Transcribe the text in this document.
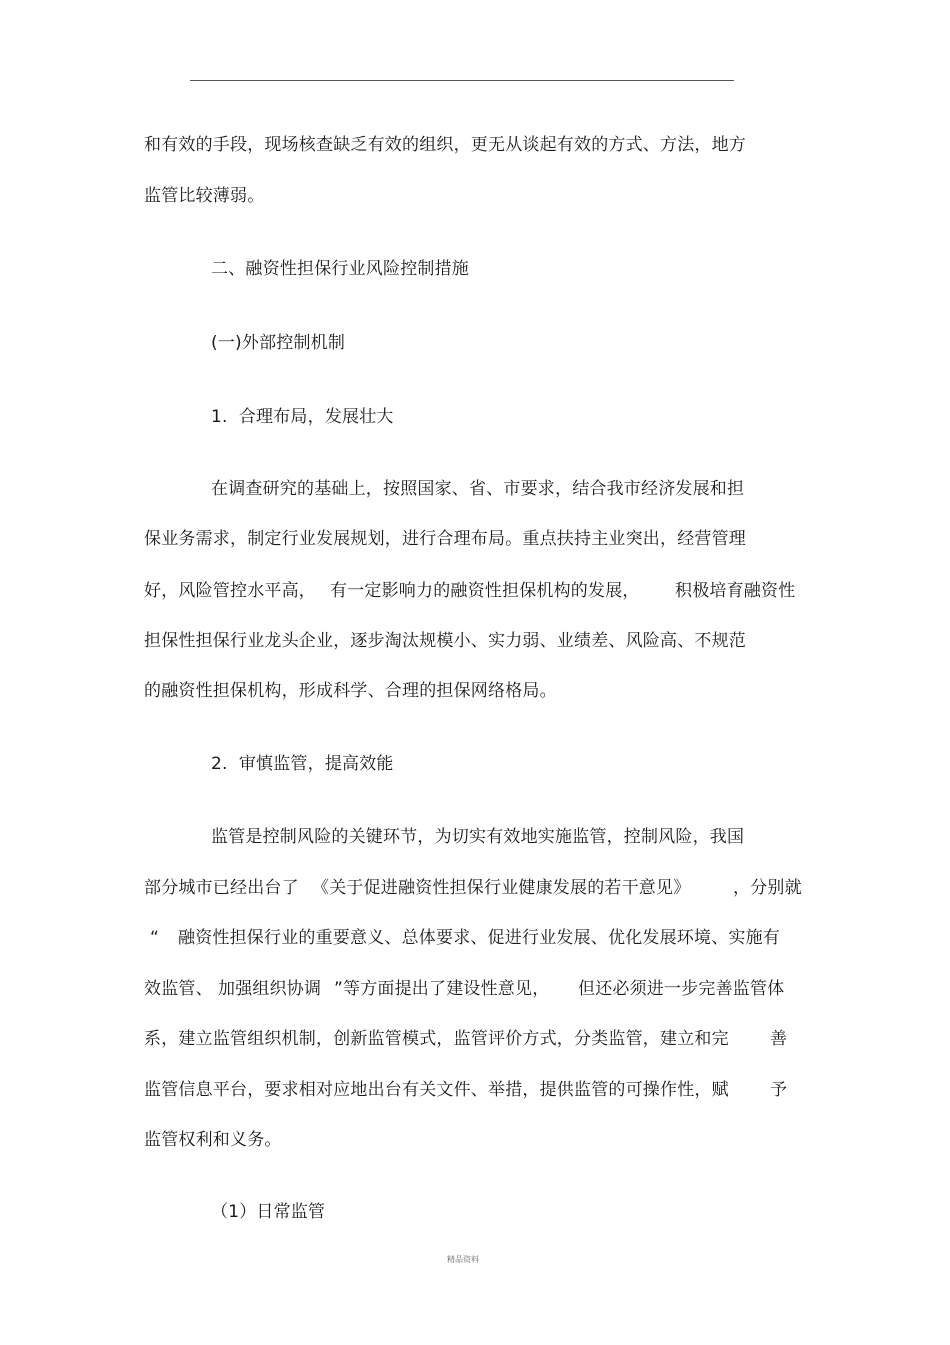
和有效的手段，现场核查缺乏有效的组织，更无从谈起有效的方式、方法，地方
监管比较薄弱。
二、融资性担保行业风险控制措施
(一)外部控制机制
1.  合理布局，发展壮大
在调查研究的基础上，按照国家、省、市要求，结合我市经济发展和担
保业务需求，制定行业发展规划，进行合理布局。重点扶持主业突出，经营管理
好，风险管控水平高， 有一定影响力的融资性担保机构的发展， 积极培育融资性
担保性担保行业龙头企业，逐步淘汰规模小、实力弱、业绩差、风险高、不规范
的融资性担保机构，形成科学、合理的担保网络格局。
2.  审慎监管，提高效能
监管是控制风险的关键环节，为切实有效地实施监管，控制风险，我国
部分城市已经出台了 《关于促进融资性担保行业健康发展的若干意见》	，分别就
“ 融资性担保行业的重要意义、总体要求、促进行业发展、优化发展环境、实施有
效监管、 加强组织协调 ”等方面提出了建设性意见， 但还必须进一步完善监管体
系，建立监管组织机制，创新监管模式，监管评价方式，分类监管，建立和完 善
监管信息平台，要求相对应地出台有关文件、举措，提供监管的可操作性，赋 予
监管权利和义务。
（1）日常监管
精品资料
